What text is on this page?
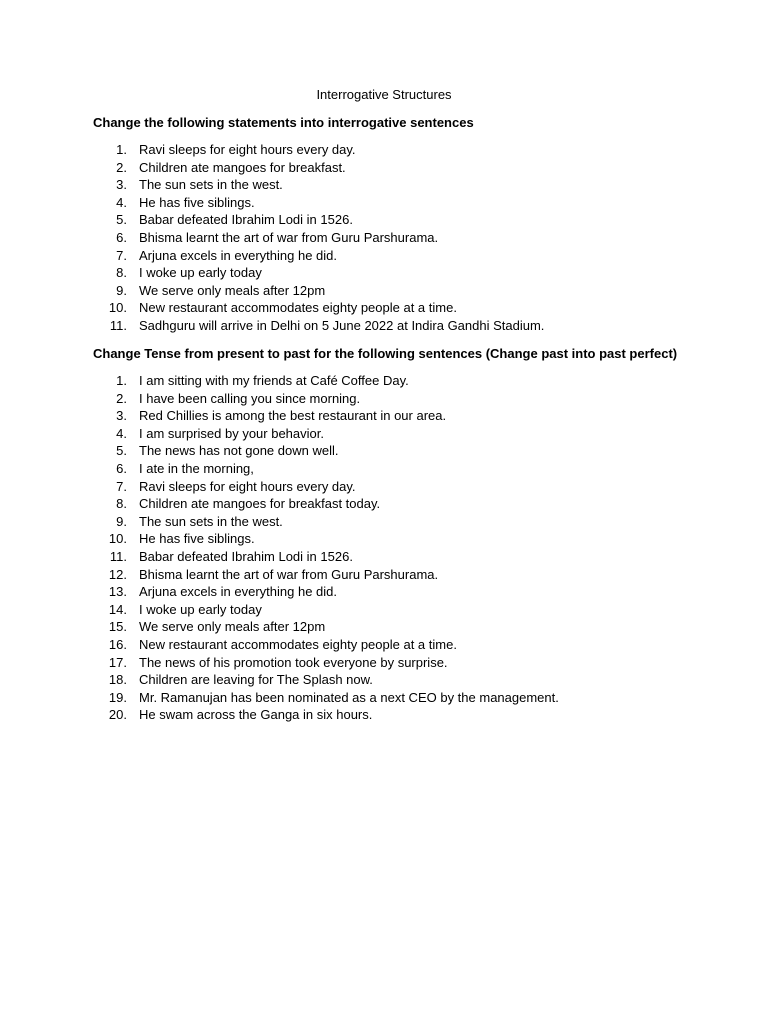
Interrogative Structures
Change the following statements into interrogative sentences
1. Ravi sleeps for eight hours every day.
2. Children ate mangoes for breakfast.
3. The sun sets in the west.
4. He has five siblings.
5. Babar defeated Ibrahim Lodi in 1526.
6. Bhisma learnt the art of war from Guru Parshurama.
7. Arjuna excels in everything he did.
8. I woke up early today
9. We serve only meals after 12pm
10. New restaurant accommodates eighty people at a time.
11. Sadhguru will arrive in Delhi on 5 June 2022 at Indira Gandhi Stadium.
Change Tense from present to past for the following sentences (Change past into past perfect)
1. I am sitting with my friends at Café Coffee Day.
2. I have been calling you since morning.
3. Red Chillies is among the best restaurant in our area.
4. I am surprised by your behavior.
5. The news has not gone down well.
6. I ate in the morning,
7. Ravi sleeps for eight hours every day.
8. Children ate mangoes for breakfast today.
9. The sun sets in the west.
10. He has five siblings.
11. Babar defeated Ibrahim Lodi in 1526.
12. Bhisma learnt the art of war from Guru Parshurama.
13. Arjuna excels in everything he did.
14. I woke up early today
15. We serve only meals after 12pm
16. New restaurant accommodates eighty people at a time.
17. The news of his promotion took everyone by surprise.
18. Children are leaving for The Splash now.
19. Mr. Ramanujan has been nominated as a next CEO by the management.
20. He swam across the Ganga in six hours.
